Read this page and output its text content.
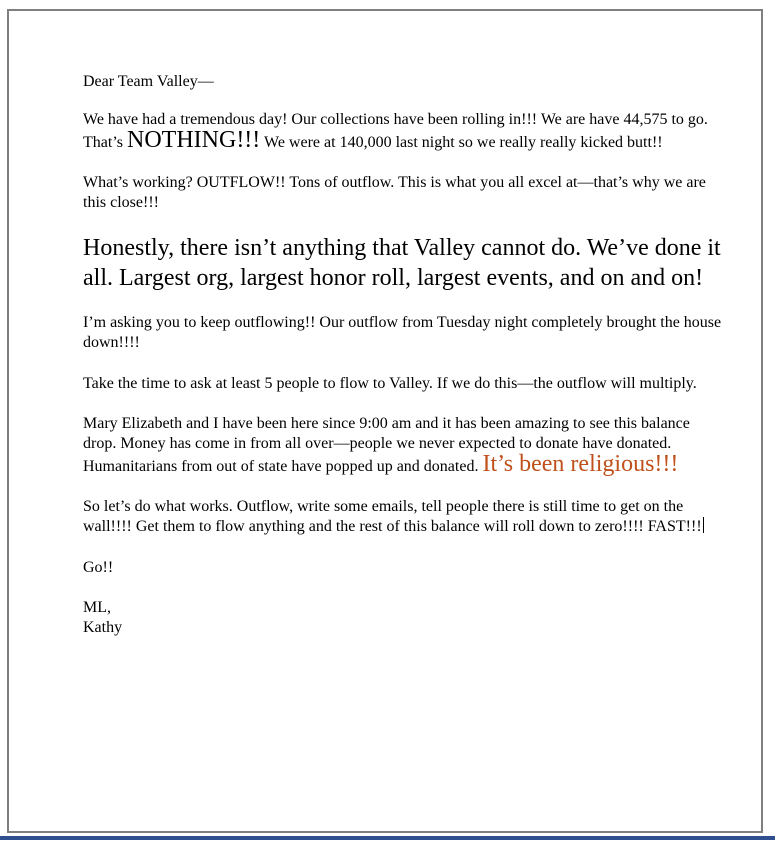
Dear Team Valley—

We have had a tremendous day! Our collections have been rolling in!!! We are have 44,575 to go. That’s NOTHING!!! We were at 140,000 last night so we really really kicked butt!!

What’s working? OUTFLOW!! Tons of outflow. This is what you all excel at—that’s why we are this close!!!

Honestly, there isn’t anything that Valley cannot do. We’ve done it all. Largest org, largest honor roll, largest events, and on and on!

I’m asking you to keep outflowing!! Our outflow from Tuesday night completely brought the house down!!!!

Take the time to ask at least 5 people to flow to Valley. If we do this—the outflow will multiply.

Mary Elizabeth and I have been here since 9:00 am and it has been amazing to see this balance drop. Money has come in from all over—people we never expected to donate have donated. Humanitarians from out of state have popped up and donated. It’s been religious!!!

So let’s do what works. Outflow, write some emails, tell people there is still time to get on the wall!!!! Get them to flow anything and the rest of this balance will roll down to zero!!!! FAST!!!

Go!!

ML,

Kathy
